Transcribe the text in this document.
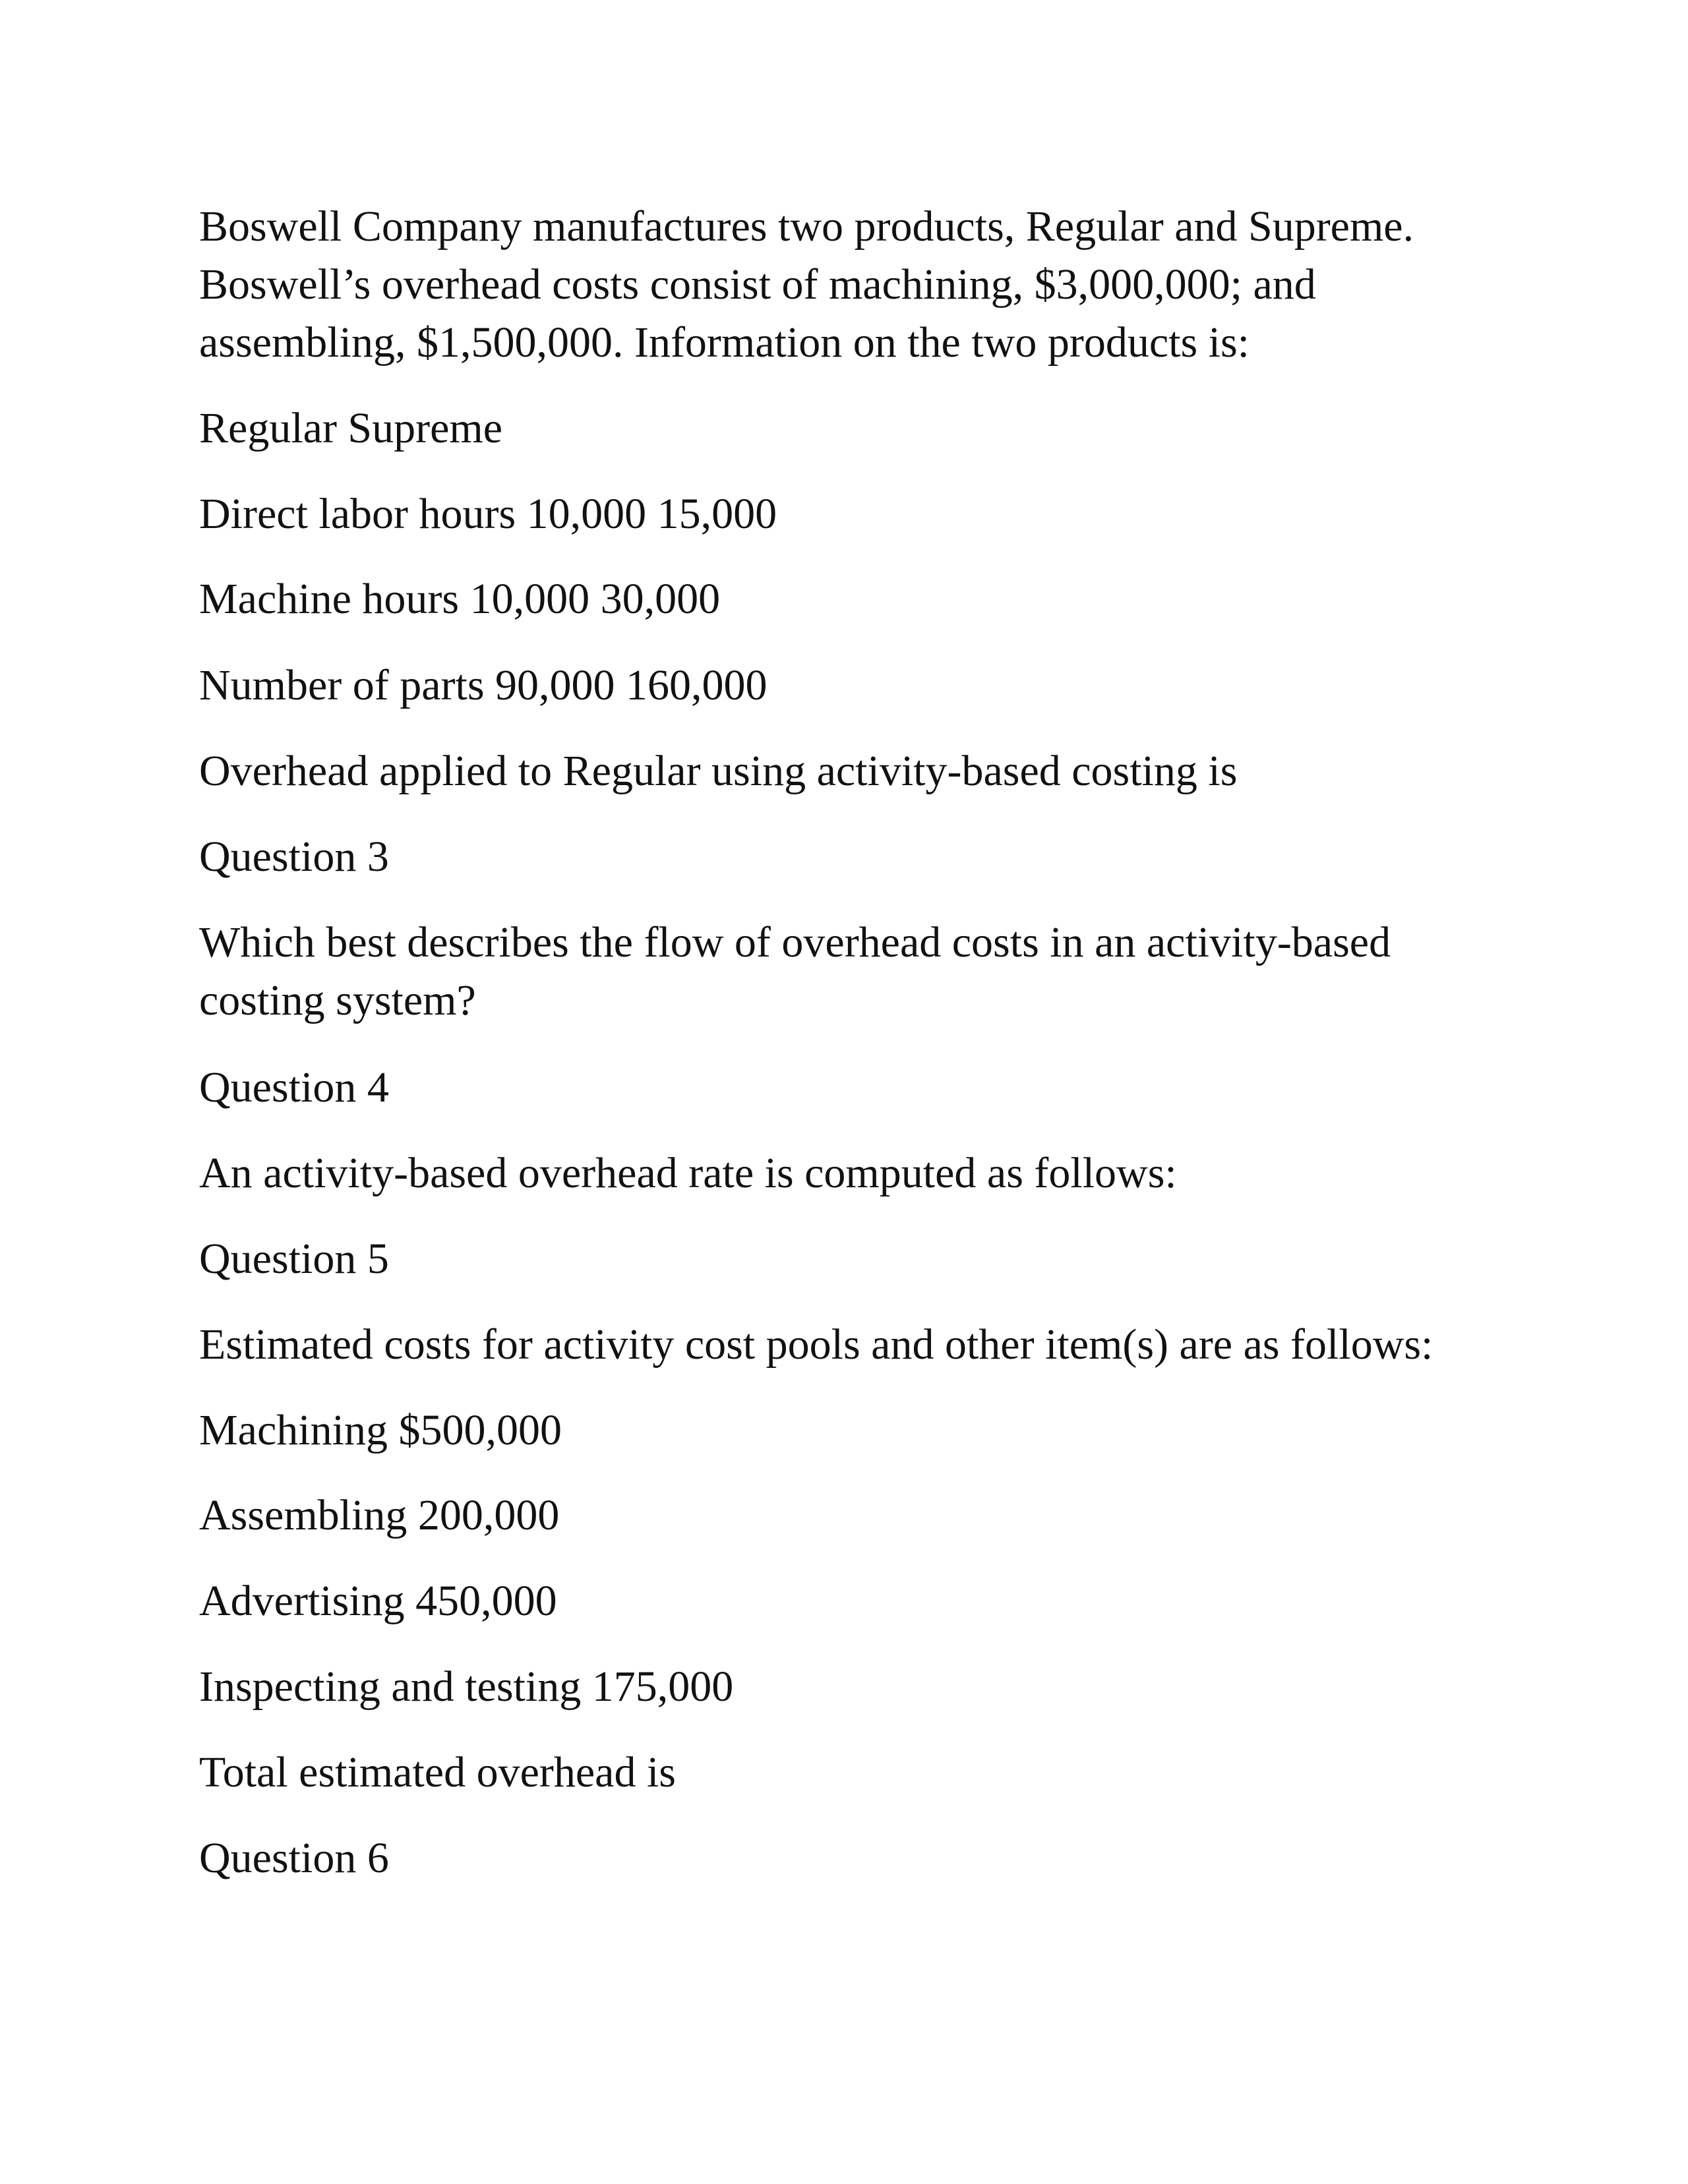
Boswell Company manufactures two products, Regular and Supreme.
Boswell’s overhead costs consist of machining, $3,000,000; and
assembling, $1,500,000. Information on the two products is:

Regular Supreme

Direct labor hours 10,000 15,000

Machine hours 10,000 30,000

Number of parts 90,000 160,000

Overhead applied to Regular using activity-based costing is

Question 3

Which best describes the flow of overhead costs in an activity-based
costing system?

Question 4

An activity-based overhead rate is computed as follows:

Question 5

Estimated costs for activity cost pools and other item(s) are as follows:

Machining $500,000

Assembling 200,000

Advertising 450,000

Inspecting and testing 175,000

Total estimated overhead is

Question 6
